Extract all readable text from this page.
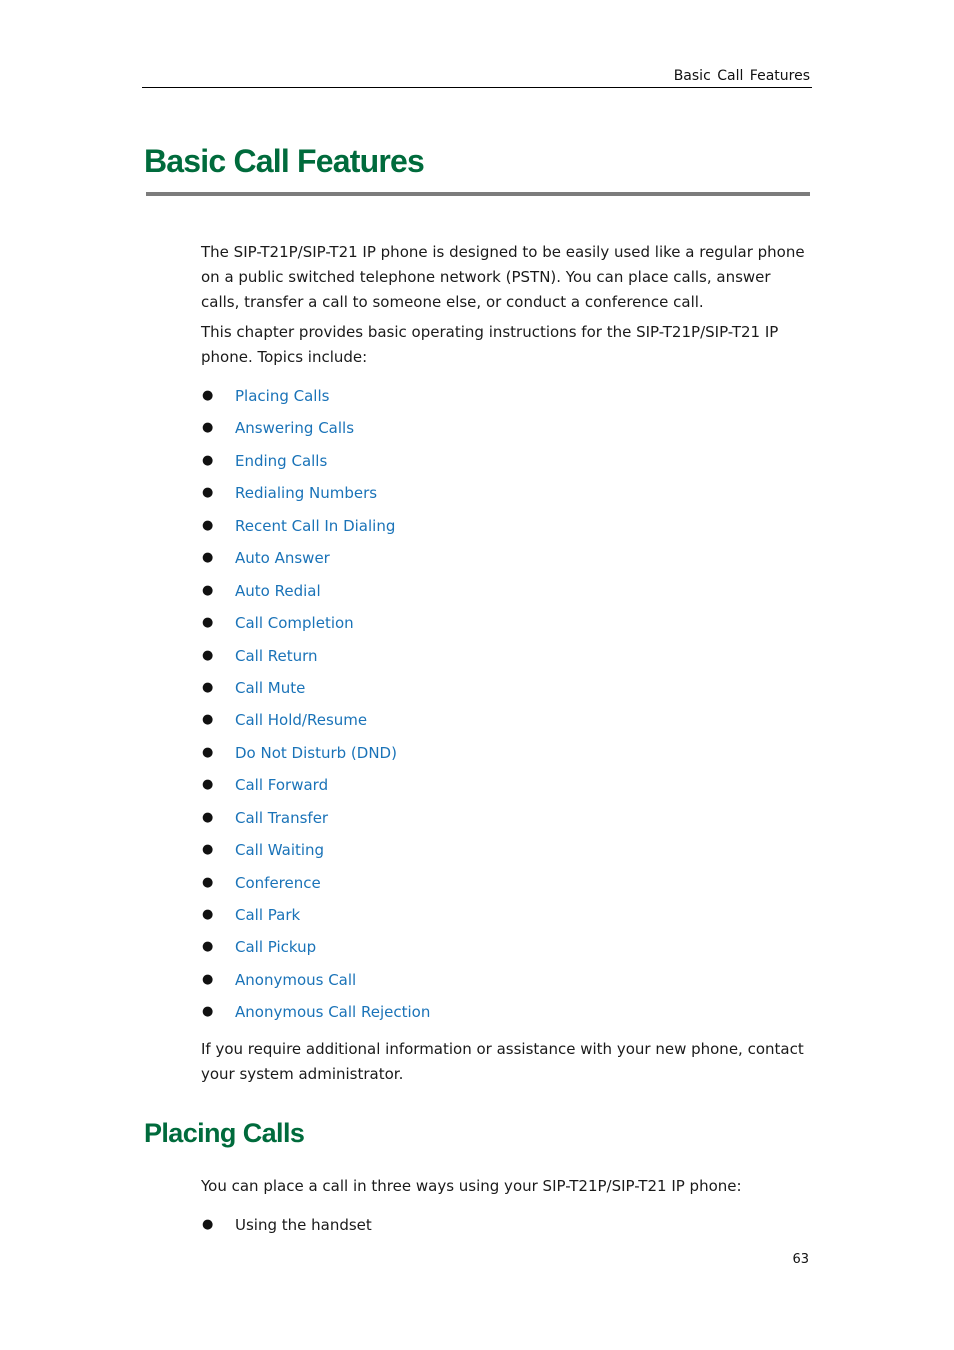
Basic Call Features
Basic Call Features

The SIP-T21P/SIP-T21 IP phone is designed to be easily used like a regular phone on a public switched telephone network (PSTN). You can place calls, answer calls, transfer a call to someone else, or conduct a conference call.

This chapter provides basic operating instructions for the SIP-T21P/SIP-T21 IP phone. Topics include:

● Placing Calls
● Answering Calls
● Ending Calls
● Redialing Numbers
● Recent Call In Dialing
● Auto Answer
● Auto Redial
● Call Completion
● Call Return
● Call Mute
● Call Hold/Resume
● Do Not Disturb (DND)
● Call Forward
● Call Transfer
● Call Waiting
● Conference
● Call Park
● Call Pickup
● Anonymous Call
● Anonymous Call Rejection

If you require additional information or assistance with your new phone, contact your system administrator.

Placing Calls

You can place a call in three ways using your SIP-T21P/SIP-T21 IP phone:

● Using the handset
63
